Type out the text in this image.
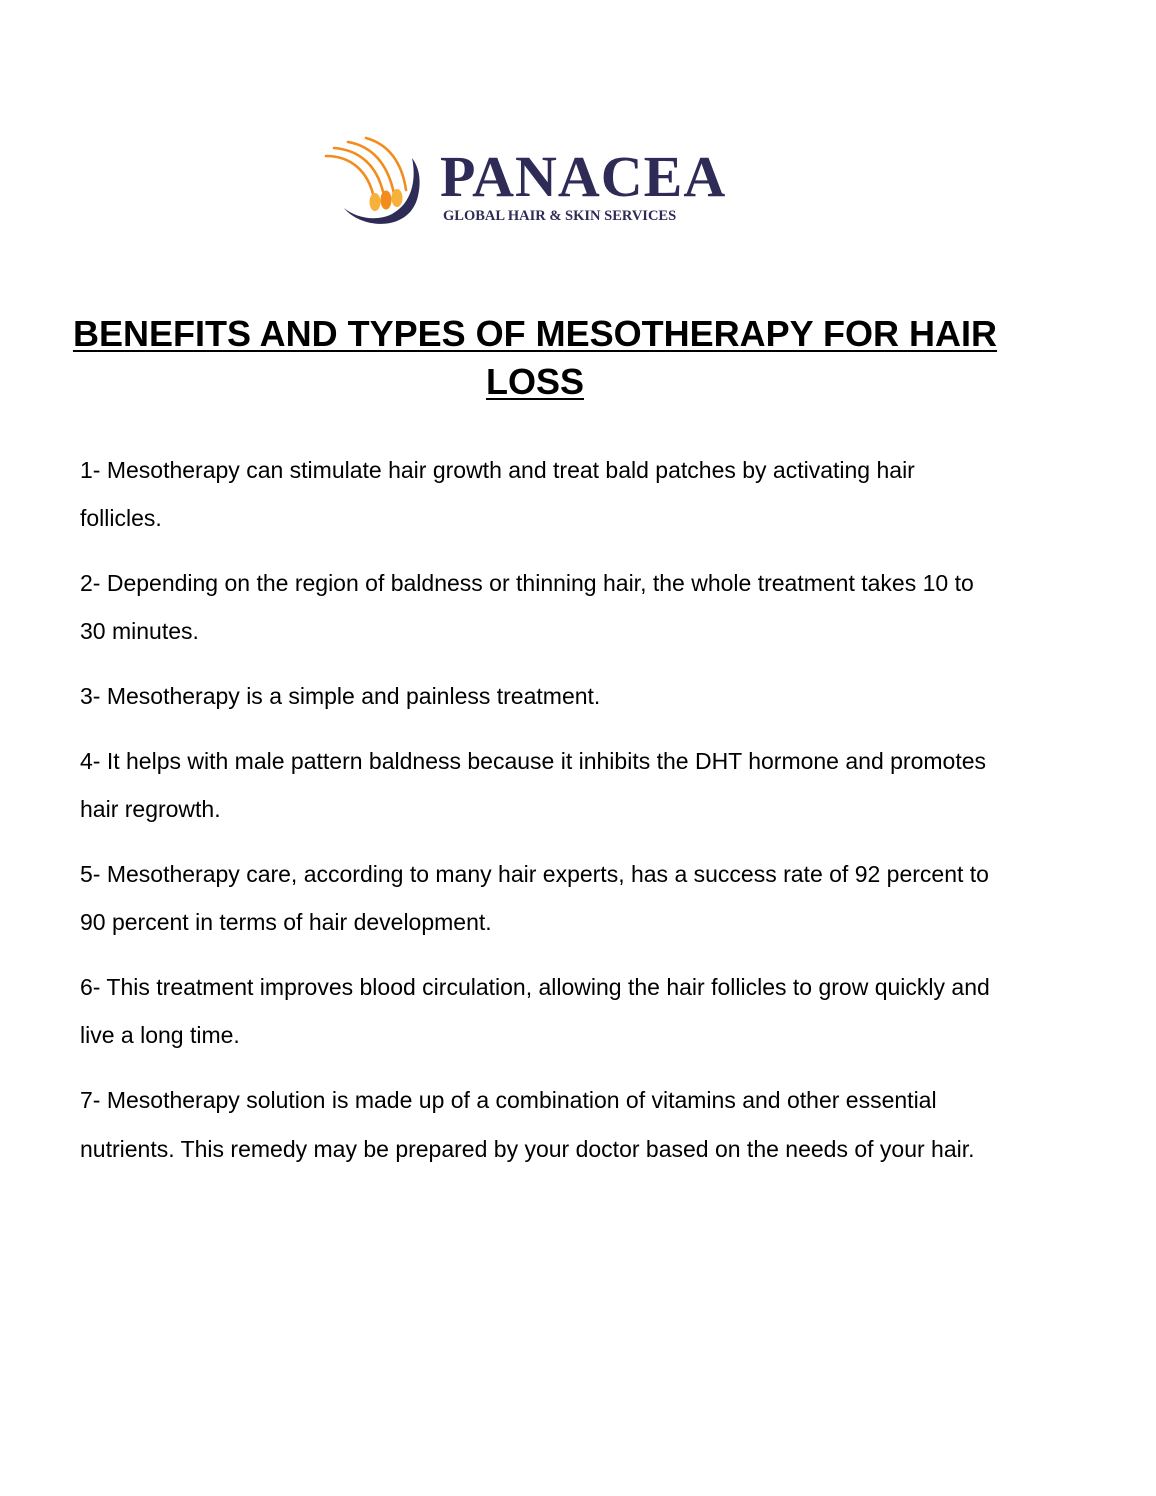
PANACEA
GLOBAL HAIR & SKIN SERVICES
BENEFITS AND TYPES OF MESOTHERAPY FOR HAIR LOSS
1- Mesotherapy can stimulate hair growth and treat bald patches by activating hair follicles.
2- Depending on the region of baldness or thinning hair, the whole treatment takes 10 to 30 minutes.
3- Mesotherapy is a simple and painless treatment.
4- It helps with male pattern baldness because it inhibits the DHT hormone and promotes hair regrowth.
5- Mesotherapy care, according to many hair experts, has a success rate of 92 percent to 90 percent in terms of hair development.
6- This treatment improves blood circulation, allowing the hair follicles to grow quickly and live a long time.
7- Mesotherapy solution is made up of a combination of vitamins and other essential nutrients. This remedy may be prepared by your doctor based on the needs of your hair.
